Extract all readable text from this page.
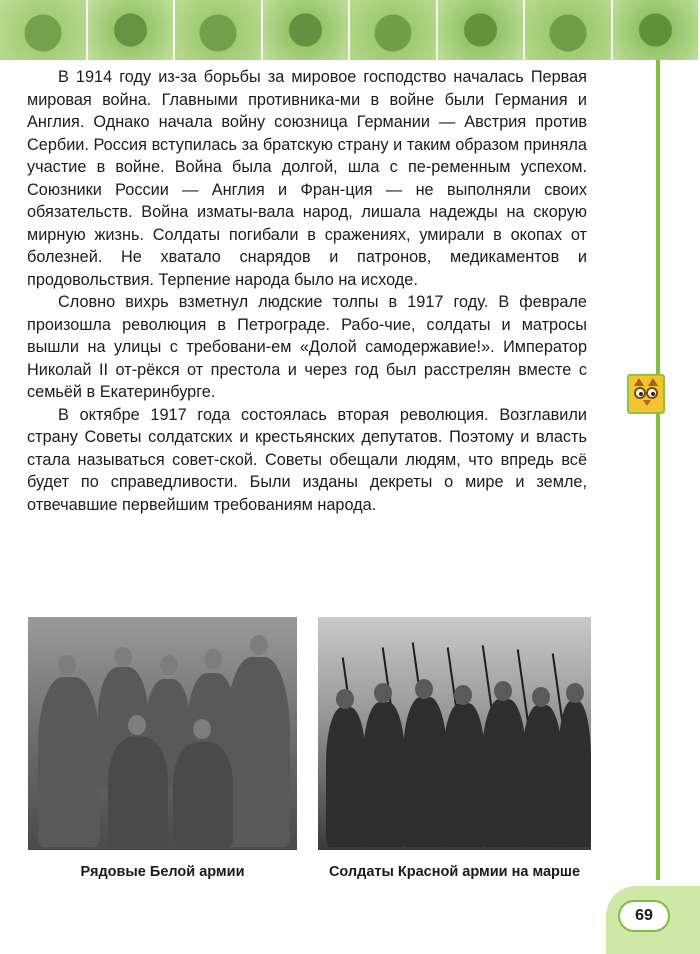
В 1914 году из-за борьбы за мировое господство началась Первая мировая война. Главными противника-ми в войне были Германия и Англия. Однако начала войну союзница Германии — Австрия против Сербии. Россия вступилась за братскую страну и таким образом приняла участие в войне. Война была долгой, шла с пе-ременным успехом. Союзники России — Англия и Фран-ция — не выполняли своих обязательств. Война изматы-вала народ, лишала надежды на скорую мирную жизнь. Солдаты погибали в сражениях, умирали в окопах от болезней. Не хватало снарядов и патронов, медикаментов и продовольствия. Терпение народа было на исходе.

Словно вихрь взметнул людские толпы в 1917 году. В феврале произошла революция в Петрограде. Рабо-чие, солдаты и матросы вышли на улицы с требовани-ем «Долой самодержавие!». Император Николай II от-рёкся от престола и через год был расстрелян вместе с семьёй в Екатеринбурге.

В октябре 1917 года состоялась вторая революция. Возглавили страну Советы солдатских и крестьянских депутатов. Поэтому и власть стала называться совет-ской. Советы обещали людям, что впредь всё будет по справедливости. Были изданы декреты о мире и земле, отвечавшие первейшим требованиям народа.

Рядовые Белой армии	Солдаты Красной армии на марше
69
